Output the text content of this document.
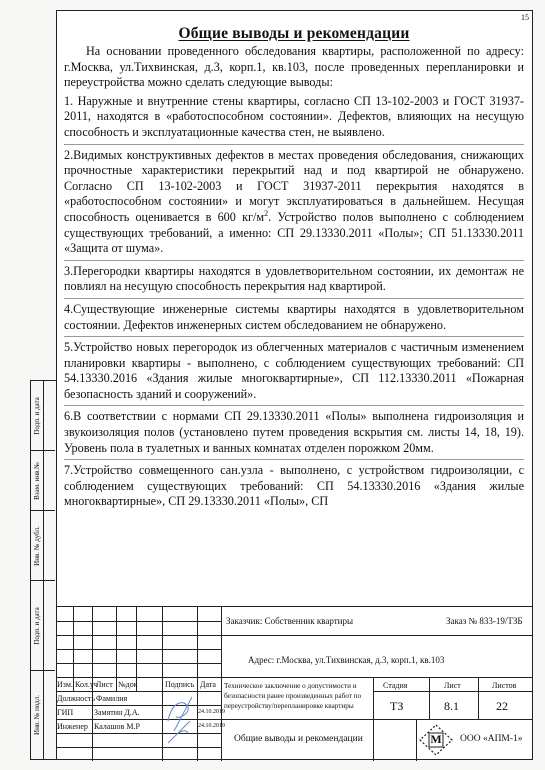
15
Общие выводы и рекомендации

На основании проведенного обследования квартиры, расположенной по адресу: г.Москва, ул.Тихвинская, д.3, корп.1, кв.103, после проведенных перепланировки и переустройства можно сделать следующие выводы:

1. Наружные и внутренние стены квартиры, согласно СП 13-102-2003 и ГОСТ 31937-2011, находятся в «работоспособном состоянии». Дефектов, влияющих на несущую способность и эксплуатационные качества стен, не выявлено.

2.Видимых конструктивных дефектов в местах проведения обследования, снижающих прочностные характеристики перекрытий над и под квартирой не обнаружено. Согласно СП 13-102-2003 и ГОСТ 31937-2011 перекрытия находятся в «работоспособном состоянии» и могут эксплуатироваться в дальнейшем. Несущая способность оценивается в 600 $кг/м^2$. Устройство полов выполнено с соблюдением существующих требований, а именно: СП 29.13330.2011 «Полы»; СП 51.13330.2011 «Защита от шума».

3.Перегородки квартиры находятся в удовлетворительном состоянии, их демонтаж не повлиял на несущую способность перекрытия над квартирой.

4.Существующие инженерные системы квартиры находятся в удовлетворительном состоянии. Дефектов инженерных систем обследованием не обнаружено.

5.Устройство новых перегородок из облегченных материалов с частичным изменением планировки квартиры - выполнено, с соблюдением существующих требований: СП 54.13330.2016 «Здания жилые многоквартирные», СП 112.13330.2011 «Пожарная безопасность зданий и сооружений».

6.В соответствии с нормами СП 29.13330.2011 «Полы» выполнена гидроизоляция и звукоизоляция полов (установлено путем проведения вскрытия см. листы 14, 18, 19). Уровень пола в туалетных и ванных комнатах отделен порожком 20мм.

7.Устройство совмещенного сан.узла - выполнено, с устройством гидроизоляции, с соблюдением существующих требований: СП 54.13330.2016 «Здания жилые многоквартирные», СП 29.13330.2011 «Полы», СП

Подп. и дата
Взам. инв.№
Инв. № дубл.
Подп. и дата
Инв. № подл.
Изм. Кол.уч
Лист №док	Подпись Дата
Должность Фамилия
ГИП	Замятин Д.А.	24.10.2019
Инженер Калашов М.Р	24.10.2019
Заказчик: Собственник квартиры	Заказ № 833-19/ТЗБ
Адрес: г.Москва, ул.Тихвинская, д.3, корп.1, кв.103
Техническое заключение о допустимости и безопасности ранее произведенных работ по переустройству/перепланировке квартиры
Стадия	Лист	Листов
ТЗ	8.1	22
Общие выводы и рекомендации	М	ООО «АПМ-1»
